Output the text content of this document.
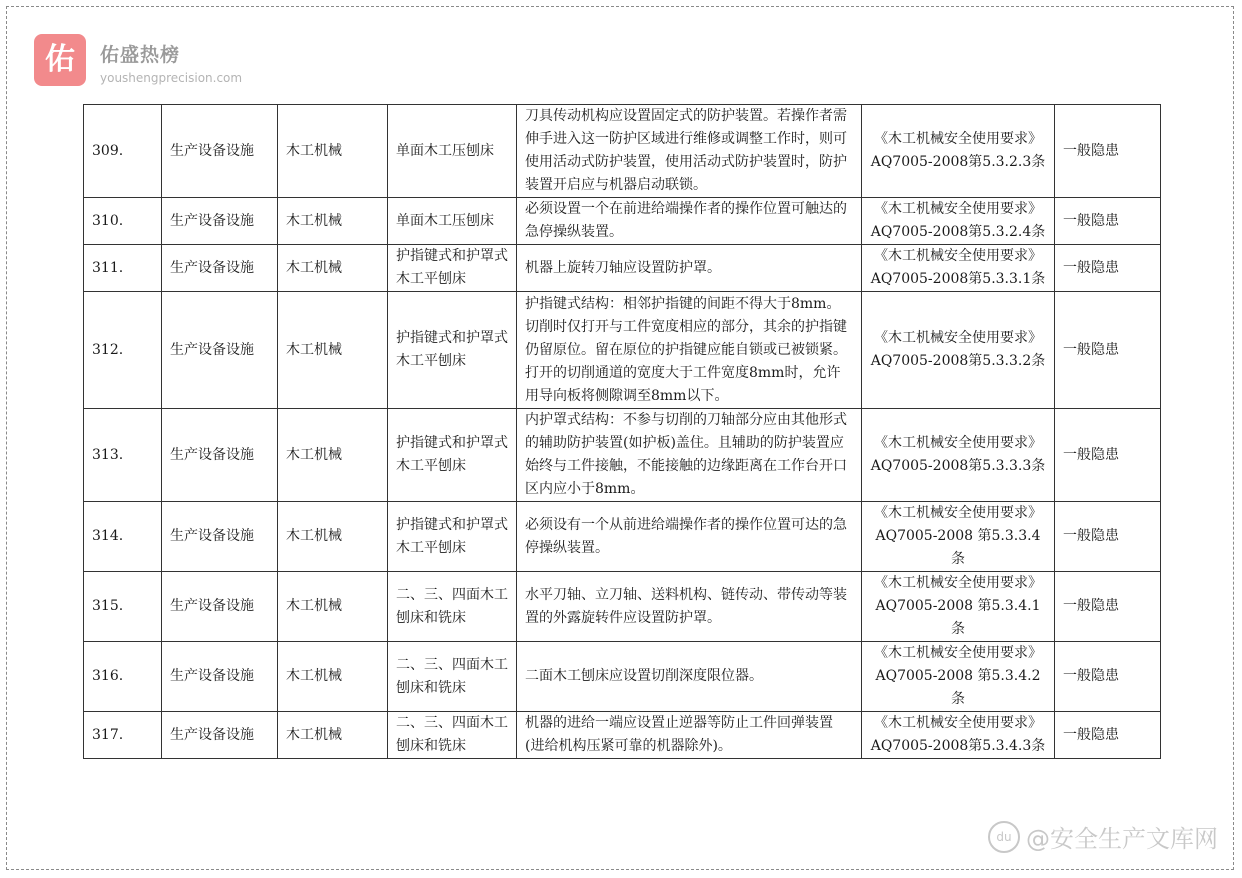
佑	佑盛热榜
youshengprecision.com
309.	生产设备设施	木工机械	单面木工压刨床	刀具传动机构应设置固定式的防护装置。若操作者需伸手进入这一防护区域进行维修或调整工作时，则可使用活动式防护装置，使用活动式防护装置时，防护装置开启应与机器启动联锁。	《木工机械安全使用要求》AQ7005-2008第5.3.2.3条	一般隐患
310.	生产设备设施	木工机械	单面木工压刨床	必须设置一个在前进给端操作者的操作位置可触达的急停操纵装置。	《木工机械安全使用要求》AQ7005-2008第5.3.2.4条	一般隐患
311.	生产设备设施	木工机械	护指键式和护罩式木工平刨床	机器上旋转刀轴应设置防护罩。	《木工机械安全使用要求》AQ7005-2008第5.3.3.1条	一般隐患
312.	生产设备设施	木工机械	护指键式和护罩式木工平刨床	护指键式结构：相邻护指键的间距不得大于8mm。切削时仅打开与工件宽度相应的部分，其余的护指键仍留原位。留在原位的护指键应能自锁或已被锁紧。打开的切削通道的宽度大于工件宽度8mm时，允许用导向板将侧隙调至8mm以下。	《木工机械安全使用要求》AQ7005-2008第5.3.3.2条	一般隐患
313.	生产设备设施	木工机械	护指键式和护罩式木工平刨床	内护罩式结构：不参与切削的刀轴部分应由其他形式的辅助防护装置(如护板)盖住。且辅助的防护装置应始终与工件接触，不能接触的边缘距离在工作台开口区内应小于8mm。	《木工机械安全使用要求》AQ7005-2008第5.3.3.3条	一般隐患
314.	生产设备设施	木工机械	护指键式和护罩式木工平刨床	必须设有一个从前进给端操作者的操作位置可达的急停操纵装置。	《木工机械安全使用要求》AQ7005-2008 第5.3.3.4条	一般隐患
315.	生产设备设施	木工机械	二、三、四面木工刨床和铣床	水平刀轴、立刀轴、送料机构、链传动、带传动等装置的外露旋转件应设置防护罩。	《木工机械安全使用要求》AQ7005-2008 第5.3.4.1条	一般隐患
316.	生产设备设施	木工机械	二、三、四面木工刨床和铣床	二面木工刨床应设置切削深度限位器。	《木工机械安全使用要求》AQ7005-2008 第5.3.4.2条	一般隐患
317.	生产设备设施	木工机械	二、三、四面木工刨床和铣床	机器的进给一端应设置止逆器等防止工件回弹装置 (进给机构压紧可靠的机器除外)。	《木工机械安全使用要求》AQ7005-2008第5.3.4.3条	一般隐患
du @安全生产文库网
